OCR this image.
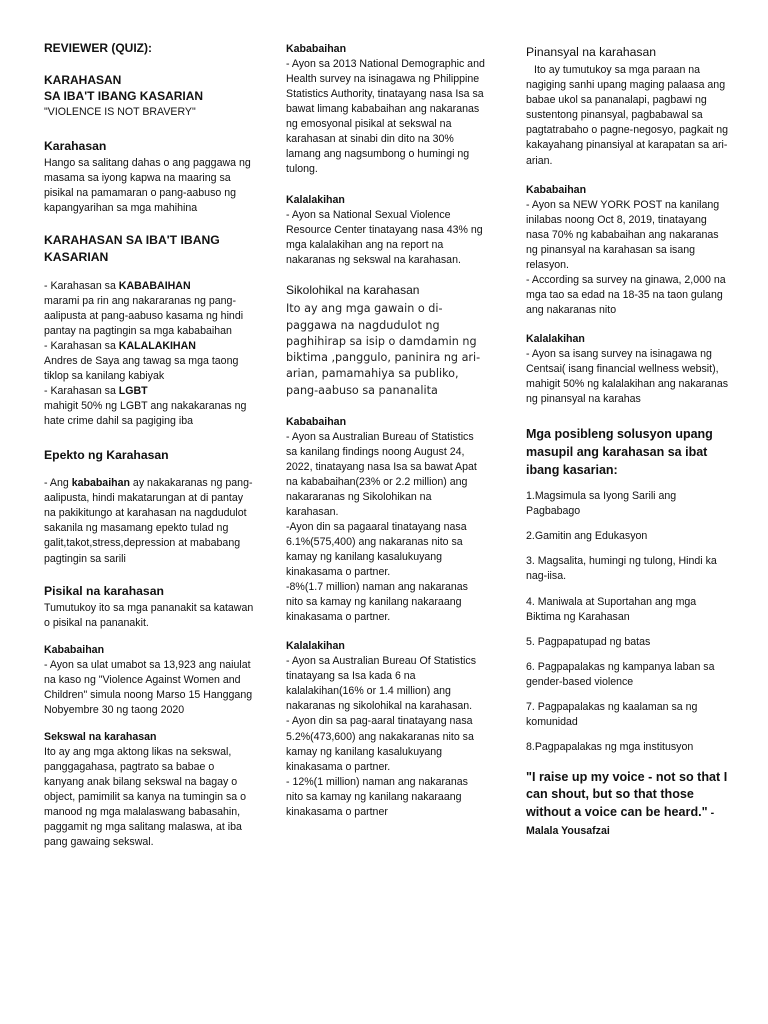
REVIEWER (QUIZ):

KARAHASAN

SA IBA'T IBANG KASARIAN

"VIOLENCE IS NOT BRAVERY"

Karahasan

Hango sa salitang dahas o ang paggawa ng masama sa iyong kapwa na maaring sa pisikal na pamamaran o pang-aabuso ng kapangyarihan sa mga mahihina

KARAHASAN SA IBA'T IBANG KASARIAN

- Karahasan sa KABABAIHAN

marami pa rin ang nakararanas ng pang-aalipusta at pang-aabuso kasama ng hindi pantay na pagtingin sa mga kababaihan

- Karahasan sa KALALAKIHAN

Andres de Saya ang tawag sa mga taong tiklop sa kanilang kabiyak

- Karahasan sa LGBT

mahigit 50% ng LGBT ang nakakaranas ng hate crime dahil sa pagiging iba

Epekto ng Karahasan

- Ang kababaihan ay nakakaranas ng pang-aalipusta, hindi makatarungan at di pantay na pakikitungo at karahasan na nagdudulot sakanila ng masamang epekto tulad ng galit,takot,stress,depression at mababang pagtingin sa sarili

Pisikal na karahasan

Tumutukoy ito sa mga pananakit sa katawan o pisikal na pananakit.

Kababaihan

- Ayon sa ulat umabot sa 13,923 ang naiulat na kaso ng "Violence Against Women and Children" simula noong Marso 15 Hanggang Nobyembre 30 ng taong 2020

Sekswal na karahasan

Ito ay ang mga aktong likas na sekswal, panggagahasa, pagtrato sa babae o kanyang anak bilang sekswal na bagay o object, pamimilit sa kanya na tumingin sa o manood ng mga malalaswang babasahin, paggamit ng mga salitang malaswa, at iba pang gawaing sekswal.

Kababaihan

- Ayon sa 2013 National Demographic and Health survey na isinagawa ng Philippine Statistics Authority, tinatayang nasa Isa sa bawat limang kababaihan ang nakaranas ng emosyonal pisikal at sekswal na karahasan at sinabi din dito na 30% lamang ang nagsumbong o humingi ng tulong.

Kalalakihan

- Ayon sa National Sexual Violence Resource Center tinatayang nasa 43% ng mga kalalakihan ang na report na nakaranas ng sekswal na karahasan.

Sikolohikal na karahasan

Ito ay ang mga gawain o di-paggawa na nagdudulot ng paghihirap sa isip o damdamin ng biktima ,panggulo, paninira ng ari-arian, pamamahiya sa publiko, pang-aabuso sa pananalita

Kababaihan

- Ayon sa Australian Bureau of Statistics sa kanilang findings noong August 24, 2022, tinatayang nasa Isa sa bawat Apat na kababaihan(23% or 2.2 million) ang nakararanas ng Sikolohikan na karahasan.

-Ayon din sa pagaaral tinatayang nasa 6.1%(575,400) ang nakaranas nito sa kamay ng kanilang kasalukuyang kinakasama o partner.

-8%(1.7 million) naman ang nakaranas nito sa kamay ng kanilang nakaraang kinakasama o partner.

Kalalakihan

- Ayon sa Australian Bureau Of Statistics tinatayang sa Isa kada 6 na kalalakihan(16% or 1.4 million) ang nakaranas ng sikolohikal na karahasan.

- Ayon din sa pag-aaral tinatayang nasa 5.2%(473,600) ang nakakaranas nito sa kamay ng kanilang kasalukuyang kinakasama o partner.

- 12%(1 million) naman ang nakaranas nito sa kamay ng kanilang nakaraang kinakasama o partner

Pinansyal na karahasan

Ito ay tumutukoy sa mga paraan na nagiging sanhi upang maging palaasa ang babae ukol sa pananalapi, pagbawi ng sustentong pinansyal, pagbabawal sa pagtatrabaho o pagne-negosyo, pagkait ng kakayahang pinansiyal at karapatan sa ari-arian.

Kababaihan

- Ayon sa NEW YORK POST na kanilang inilabas noong Oct 8, 2019, tinatayang nasa 70% ng kababaihan ang nakaranas ng pinansyal na karahasan sa isang relasyon.

- According sa survey na ginawa, 2,000 na mga tao sa edad na 18-35 na taon gulang ang nakaranas nito

Kalalakihan

- Ayon sa isang survey na isinagawa ng Centsai( isang financial wellness websit), mahigit 50% ng kalalakihan ang nakaranas ng pinansyal na karahas

Mga posibleng solusyon upang masupil ang karahasan sa ibat ibang kasarian:

1.Magsimula sa Iyong Sarili ang Pagbabago

2.Gamitin ang Edukasyon

3. Magsalita, humingi ng tulong, Hindi ka nag-iisa.

4. Maniwala at Suportahan ang mga Biktima ng Karahasan

5. Pagpapatupad ng batas

6. Pagpapalakas ng kampanya laban sa gender-based violence

7. Pagpapalakas ng kaalaman sa ng komunidad

8.Pagpapalakas ng mga institusyon

"I raise up my voice - not so that I can shout, but so that those without a voice can be heard." - Malala Yousafzai
